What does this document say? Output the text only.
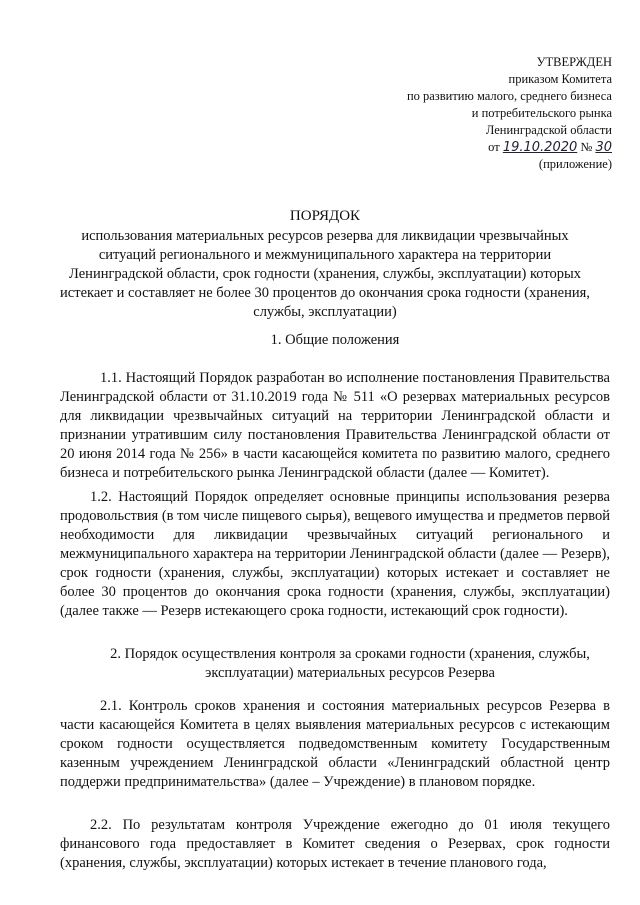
УТВЕРЖДЕН
приказом Комитета
по развитию малого, среднего бизнеса
и потребительского рынка
Ленинградской области
от 19.10.2020 № 30
(приложение)
ПОРЯДОК
использования материальных ресурсов резерва для ликвидации чрезвычайных ситуаций регионального и межмуниципального характера на территории Ленинградской области, срок годности (хранения, службы, эксплуатации) которых истекает и составляет не более 30 процентов до окончания срока годности (хранения, службы, эксплуатации)
1. Общие положения
1.1. Настоящий Порядок разработан во исполнение постановления Правительства Ленинградской области от 31.10.2019 года № 511 «О резервах материальных ресурсов для ликвидации чрезвычайных ситуаций на территории Ленинградской области и признании утратившим силу постановления Правительства Ленинградской области от 20 июня 2014 года № 256» в части касающейся комитета по развитию малого, среднего бизнеса и потребительского рынка Ленинградской области (далее — Комитет).
1.2. Настоящий Порядок определяет основные принципы использования резерва продовольствия (в том числе пищевого сырья), вещевого имущества и предметов первой необходимости для ликвидации чрезвычайных ситуаций регионального и межмуниципального характера на территории Ленинградской области (далее — Резерв), срок годности (хранения, службы, эксплуатации) которых истекает и составляет не более 30 процентов до окончания срока годности (хранения, службы, эксплуатации) (далее также — Резерв истекающего срока годности, истекающий срок годности).
2. Порядок осуществления контроля за сроками годности (хранения, службы, эксплуатации) материальных ресурсов Резерва
2.1. Контроль сроков хранения и состояния материальных ресурсов Резерва в части касающейся Комитета в целях выявления материальных ресурсов с истекающим сроком годности осуществляется подведомственным комитету Государственным казенным учреждением Ленинградской области «Ленинградский областной центр поддержи предпринимательства» (далее – Учреждение) в плановом порядке.
2.2. По результатам контроля Учреждение ежегодно до 01 июля текущего финансового года предоставляет в Комитет сведения о Резервах, срок годности (хранения, службы, эксплуатации) которых истекает в течение планового года,
